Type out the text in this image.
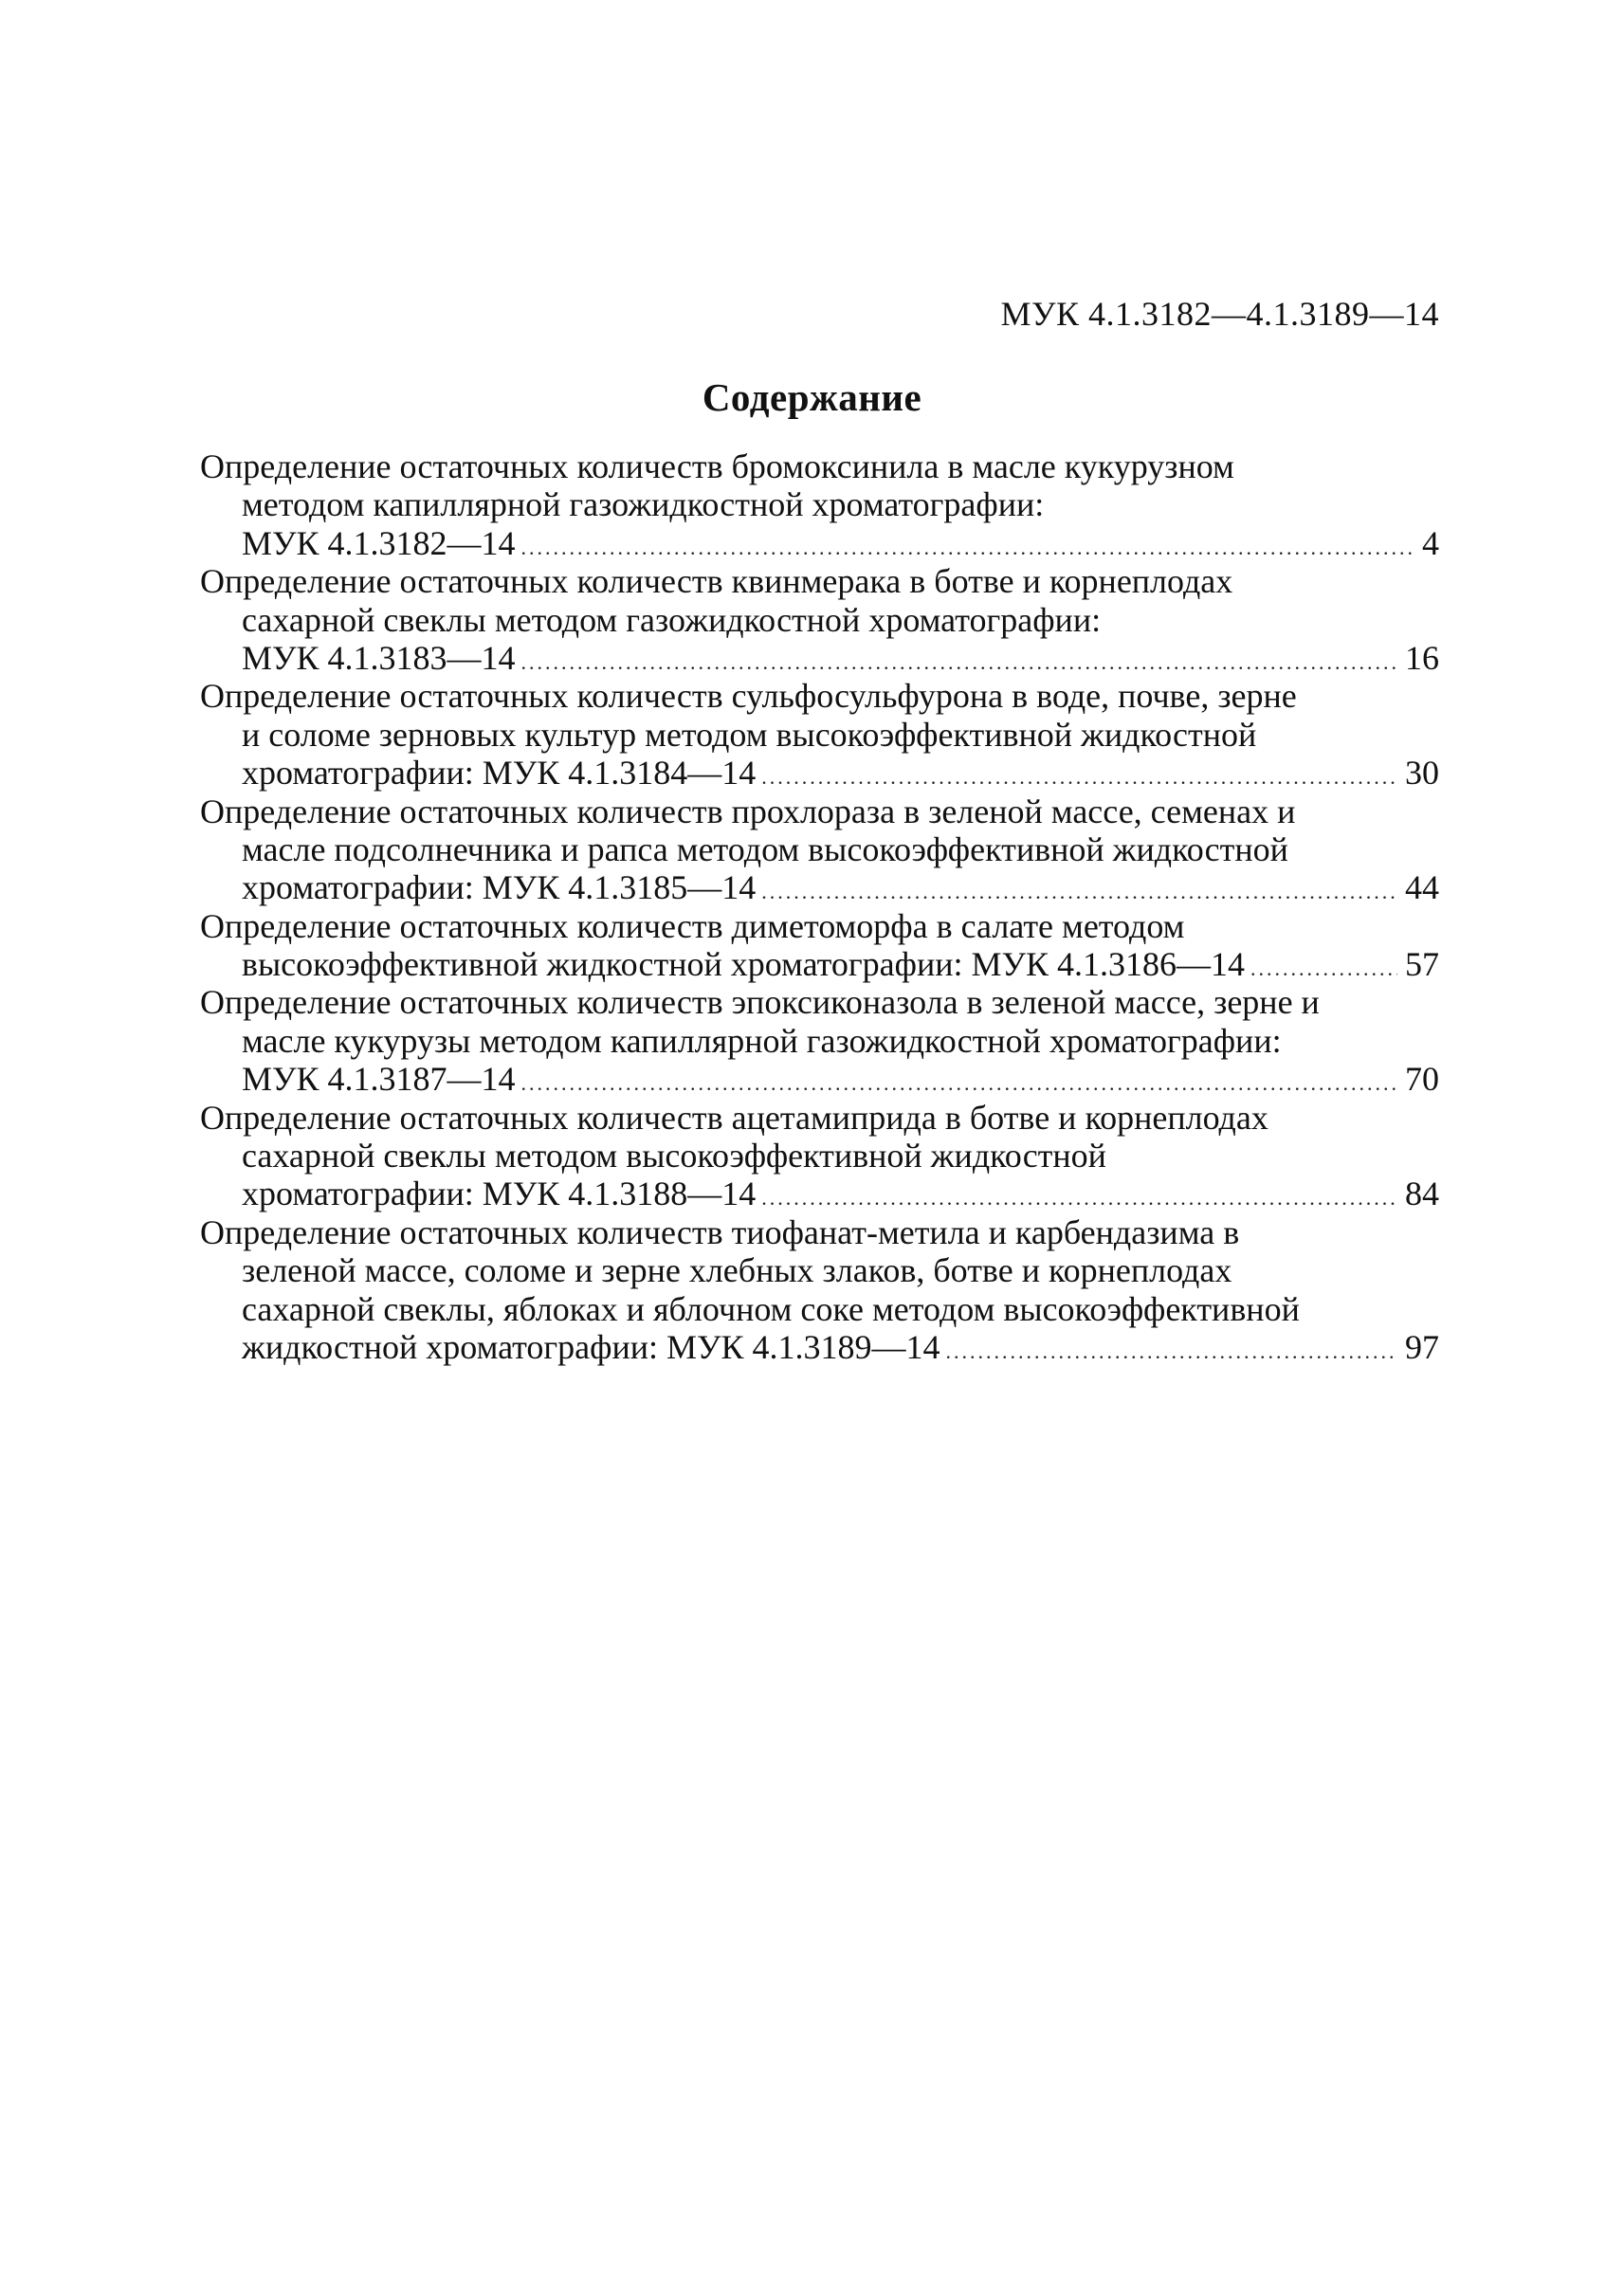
МУК 4.1.3182—4.1.3189—14
Содержание
Определение остаточных количеств бромоксинила в масле кукурузном
методом капиллярной газожидкостной хроматографии:
МУК 4.1.3182—14 .....	4
Определение остаточных количеств квинмерака в ботве и корнеплодах
сахарной свеклы методом газожидкостной хроматографии:
МУК 4.1.3183—14 .....	16
Определение остаточных количеств сульфосульфурона в воде, почве, зерне
и соломе зерновых культур методом высокоэффективной жидкостной
хроматографии: МУК 4.1.3184—14 .....	30
Определение остаточных количеств прохлораза в зеленой массе, семенах и
масле подсолнечника и рапса методом высокоэффективной жидкостной
хроматографии: МУК 4.1.3185—14 .....	44
Определение остаточных количеств диметоморфа в салате методом
высокоэффективной жидкостной хроматографии: МУК 4.1.3186—14 .....	57
Определение остаточных количеств эпоксиконазола в зеленой массе, зерне и
масле кукурузы методом капиллярной газожидкостной хроматографии:
МУК 4.1.3187—14 .....	70
Определение остаточных количеств ацетамиприда в ботве и корнеплодах
сахарной свеклы методом высокоэффективной жидкостной
хроматографии: МУК 4.1.3188—14 .....	84
Определение остаточных количеств тиофанат-метила и карбендазима в
зеленой массе, соломе и зерне хлебных злаков, ботве и корнеплодах
сахарной свеклы, яблоках и яблочном соке методом высокоэффективной
жидкостной хроматографии: МУК 4.1.3189—14 .....	97
